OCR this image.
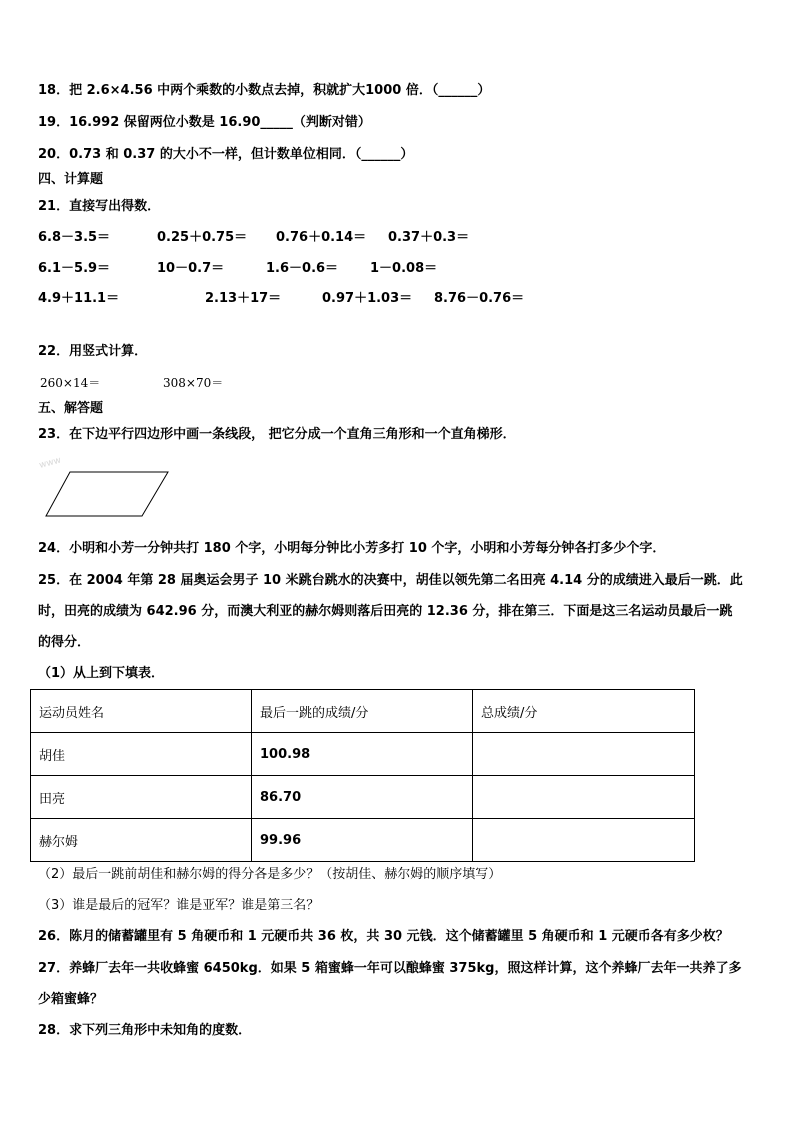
18．把 2.6×4.56 中两个乘数的小数点去掉，积就扩大1000 倍．（______）
19．16.992 保留两位小数是 16.90_____（判断对错）
20．0.73 和 0.37 的大小不一样，但计数单位相同．（______）
四、计算题
21．直接写出得数．
6.8－3.5＝	0.25＋0.75＝ 0.76＋0.14＝ 0.37＋0.3＝
6.1－5.9＝	10－0.7＝	1.6－0.6＝ 1－0.08＝
4.9＋11.1＝	2.13＋17＝	0.97＋1.03＝ 8.76－0.76＝
22．用竖式计算．
260×14＝	308×70＝
五、解答题
23．在下边平行四边形中画一条线段， 把它分成一个直角三角形和一个直角梯形．
www
24．小明和小芳一分钟共打 180 个字，小明每分钟比小芳多打 10 个字，小明和小芳每分钟各打多少个字．
25．在 2004 年第 28 届奥运会男子 10 米跳台跳水的决赛中，胡佳以领先第二名田亮 4.14 分的成绩进入最后一跳．此
时，田亮的成绩为 642.96 分，而澳大利亚的赫尔姆则落后田亮的 12.36 分，排在第三．下面是这三名运动员最后一跳
的得分．
（1）从上到下填表．
运动员姓名	最后一跳的成绩/分	总成绩/分
胡佳	100.98	
田亮	86.70	
赫尔姆	99.96	
（2）最后一跳前胡佳和赫尔姆的得分各是多少？（按胡佳、赫尔姆的顺序填写）
（3）谁是最后的冠军？谁是亚军？谁是第三名？
26．陈月的储蓄罐里有 5 角硬币和 1 元硬币共 36 枚，共 30 元钱．这个储蓄罐里 5 角硬币和 1 元硬币各有多少枚？
27．养蜂厂去年一共收蜂蜜 6450kg．如果 5 箱蜜蜂一年可以酿蜂蜜 375kg，照这样计算，这个养蜂厂去年一共养了多
少箱蜜蜂？
28．求下列三角形中未知角的度数．
